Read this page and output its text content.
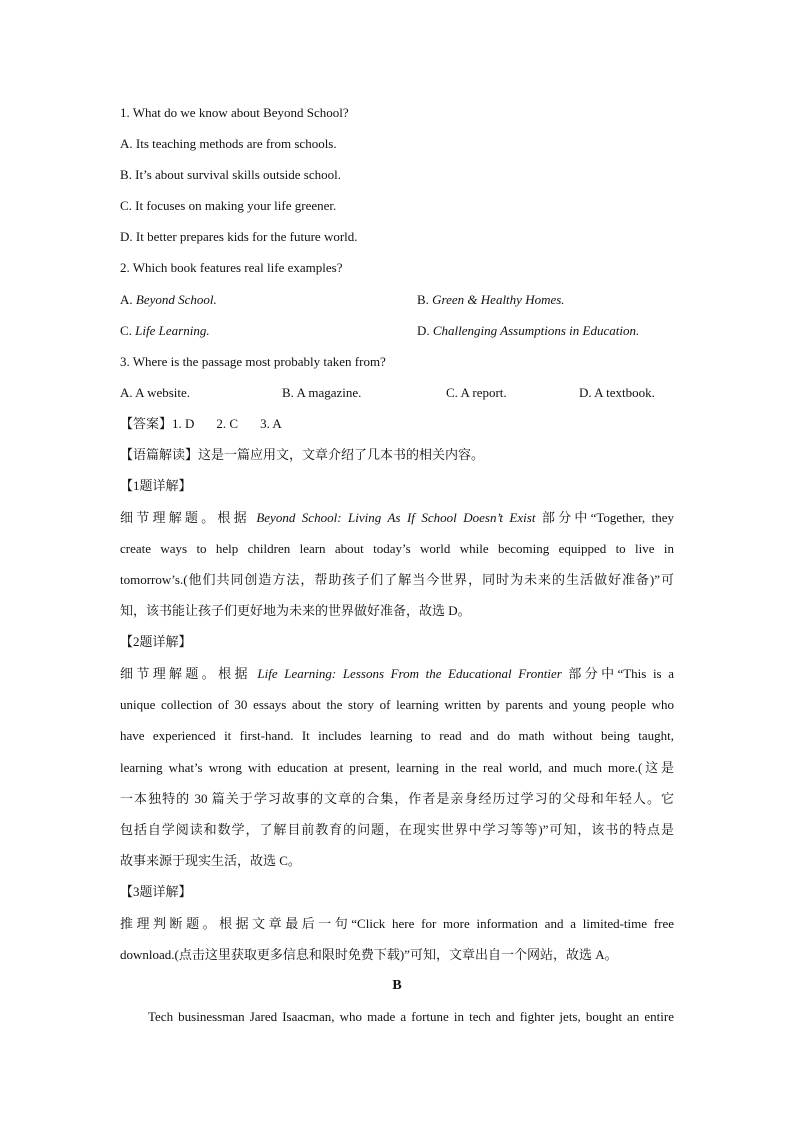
1. What do we know about Beyond School?
A. Its teaching methods are from schools.
B. It’s about survival skills outside school.
C. It focuses on making your life greener.
D. It better prepares kids for the future world.
2. Which book features real life examples?
A. Beyond School.	B. Green & Healthy Homes.
C. Life Learning.	D. Challenging Assumptions in Education.
3. Where is the passage most probably taken from?
A. A website.	B. A magazine.	C. A report.	D. A textbook.
【答案】1. D 2. C 3. A
【语篇解读】这是一篇应用文，文章介绍了几本书的相关内容。
【1题详解】
细节理解题。根据 Beyond School: Living As If School Doesn’t Exist 部分中“Together, they
create ways to help children learn about today’s world while becoming equipped to live in
tomorrow’s.(他们共同创造方法，帮助孩子们了解当今世界，同时为未来的生活做好准备)”可
知，该书能让孩子们更好地为未来的世界做好准备，故选 D。
【2题详解】
细节理解题。根据 Life Learning: Lessons From the Educational Frontier 部分中“This is a
unique collection of 30 essays about the story of learning written by parents and young people who
have experienced it first-hand. It includes learning to read and do math without being taught,
learning what’s wrong with education at present, learning in the real world, and much more.(这是
一本独特的 30 篇关于学习故事的文章的合集，作者是亲身经历过学习的父母和年轻人。它
包括自学阅读和数学，了解目前教育的问题，在现实世界中学习等等)”可知，该书的特点是
故事来源于现实生活，故选 C。
【3题详解】
推理判断题。根据文章最后一句“Click here for more information and a limited-time free
download.(点击这里获取更多信息和限时免费下载)”可知，文章出自一个网站，故选 A。
B
Tech businessman Jared Isaacman, who made a fortune in tech and fighter jets, bought an entire
